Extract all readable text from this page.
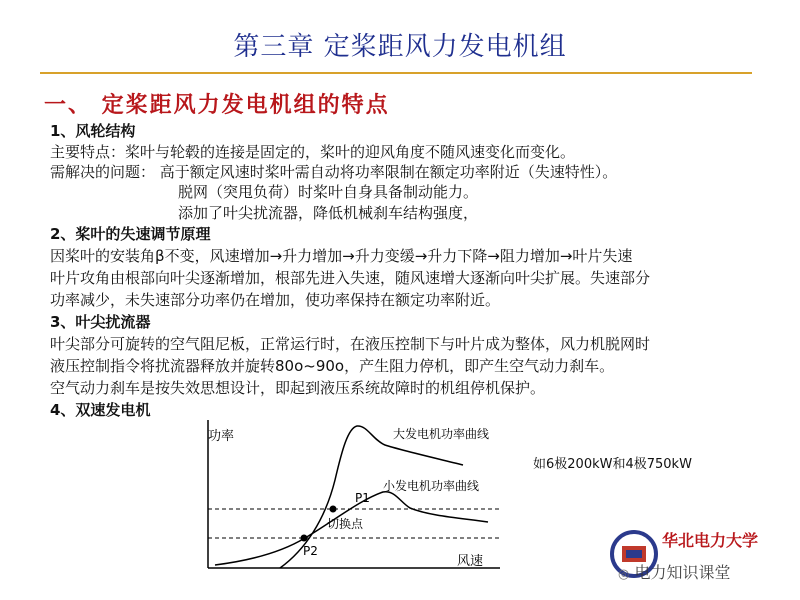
第三章 定桨距风力发电机组
一、 定桨距风力发电机组的特点
1、风轮结构
主要特点：桨叶与轮毂的连接是固定的，桨叶的迎风角度不随风速变化而变化。
需解决的问题： 高于额定风速时桨叶需自动将功率限制在额定功率附近（失速特性）。
脱网（突甩负荷）时桨叶自身具备制动能力。
添加了叶尖扰流器，降低机械刹车结构强度，
2、桨叶的失速调节原理
因桨叶的安装角β不变，风速增加→升力增加→升力变缓→升力下降→阻力增加→叶片失速
叶片攻角由根部向叶尖逐渐增加，根部先进入失速，随风速增大逐渐向叶尖扩展。失速部分
功率减少，未失速部分功率仍在增加，使功率保持在额定功率附近。
3、叶尖扰流器
叶尖部分可旋转的空气阻尼板，正常运行时，在液压控制下与叶片成为整体，风力机脱网时
液压控制指令将扰流器释放并旋转80o~90o，产生阻力停机，即产生空气动力刹车。
空气动力刹车是按失效思想设计，即起到液压系统故障时的机组停机保护。
4、双速发电机
功率
风速
大发电机功率曲线
小发电机功率曲线
P1
切换点
P2
如6极200kW和4极750kW
华北电力大学
◎ 电力知识课堂
